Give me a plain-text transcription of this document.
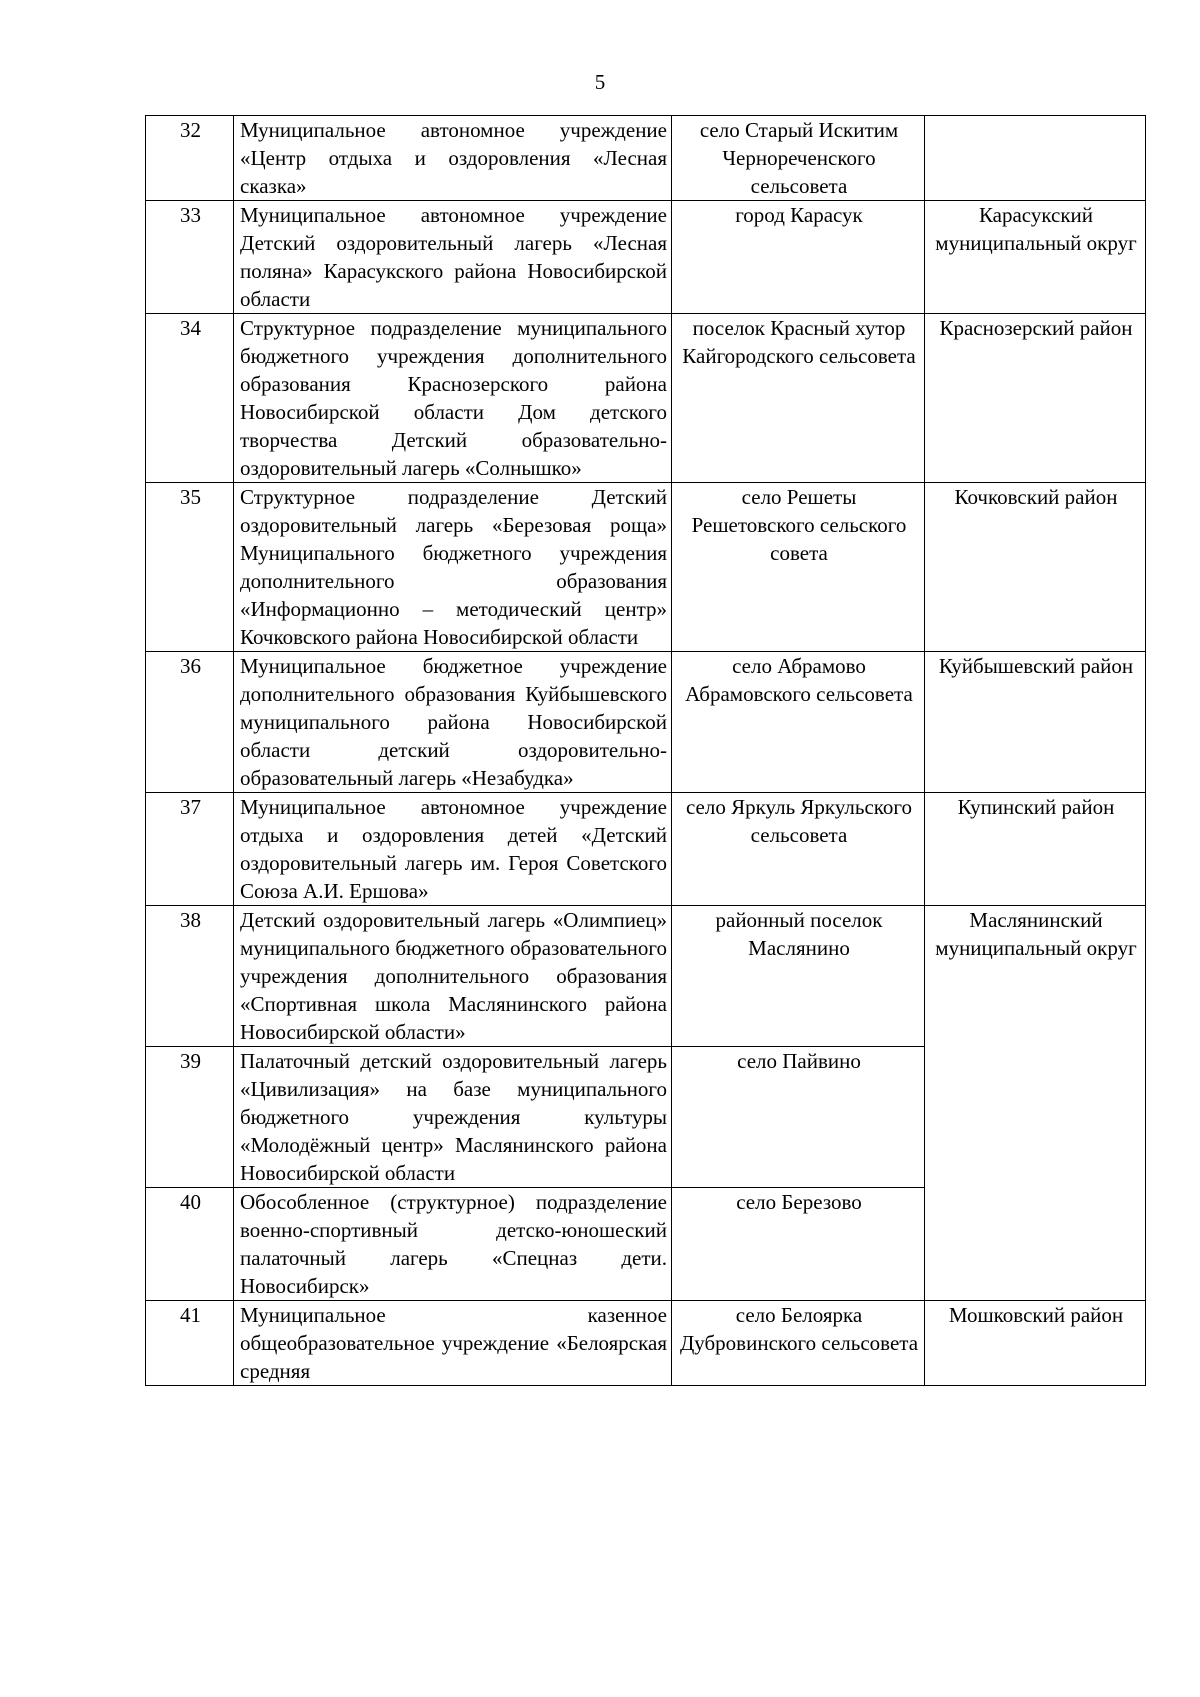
5
32	Муниципальное автономное учреждение «Центр отдыха и оздоровления «Лесная сказка»	село Старый Искитим Чернореченского сельсовета	
33	Муниципальное автономное учреждение Детский оздоровительный лагерь «Лесная поляна» Карасукского района Новосибирской области	город Карасук	Карасукский муниципальный округ
34	Структурное подразделение муниципального бюджетного учреждения дополнительного образования Краснозерского района Новосибирской области Дом детского творчества Детский образовательно-оздоровительный лагерь «Солнышко»	поселок Красный хутор Кайгородского сельсовета	Краснозерский район
35	Структурное подразделение Детский оздоровительный лагерь «Березовая роща» Муниципального бюджетного учреждения дополнительного образования «Информационно – методический центр» Кочковского района Новосибирской области	село Решеты Решетовского сельского совета	Кочковский район
36	Муниципальное бюджетное учреждение дополнительного образования Куйбышевского муниципального района Новосибирской области детский оздоровительно-образовательный лагерь «Незабудка»	село Абрамово Абрамовского сельсовета	Куйбышевский район
37	Муниципальное автономное учреждение отдыха и оздоровления детей «Детский оздоровительный лагерь им. Героя Советского Союза А.И. Ершова»	село Яркуль Яркульского сельсовета	Купинский район
38	Детский оздоровительный лагерь «Олимпиец» муниципального бюджетного образовательного учреждения дополнительного образования «Спортивная школа Маслянинского района Новосибирской области»	районный поселок Маслянино	Маслянинский муниципальный округ
39	Палаточный детский оздоровительный лагерь «Цивилизация» на базе муниципального бюджетного учреждения культуры «Молодёжный центр» Маслянинского района Новосибирской области	село Пайвино	
40	Обособленное (структурное) подразделение военно-спортивный детско-юношеский палаточный лагерь «Спецназ дети. Новосибирск»	село Березово	
41	Муниципальное казенное общеобразовательное учреждение «Белоярская средняя	село Белоярка Дубровинского сельсовета	Мошковский район
